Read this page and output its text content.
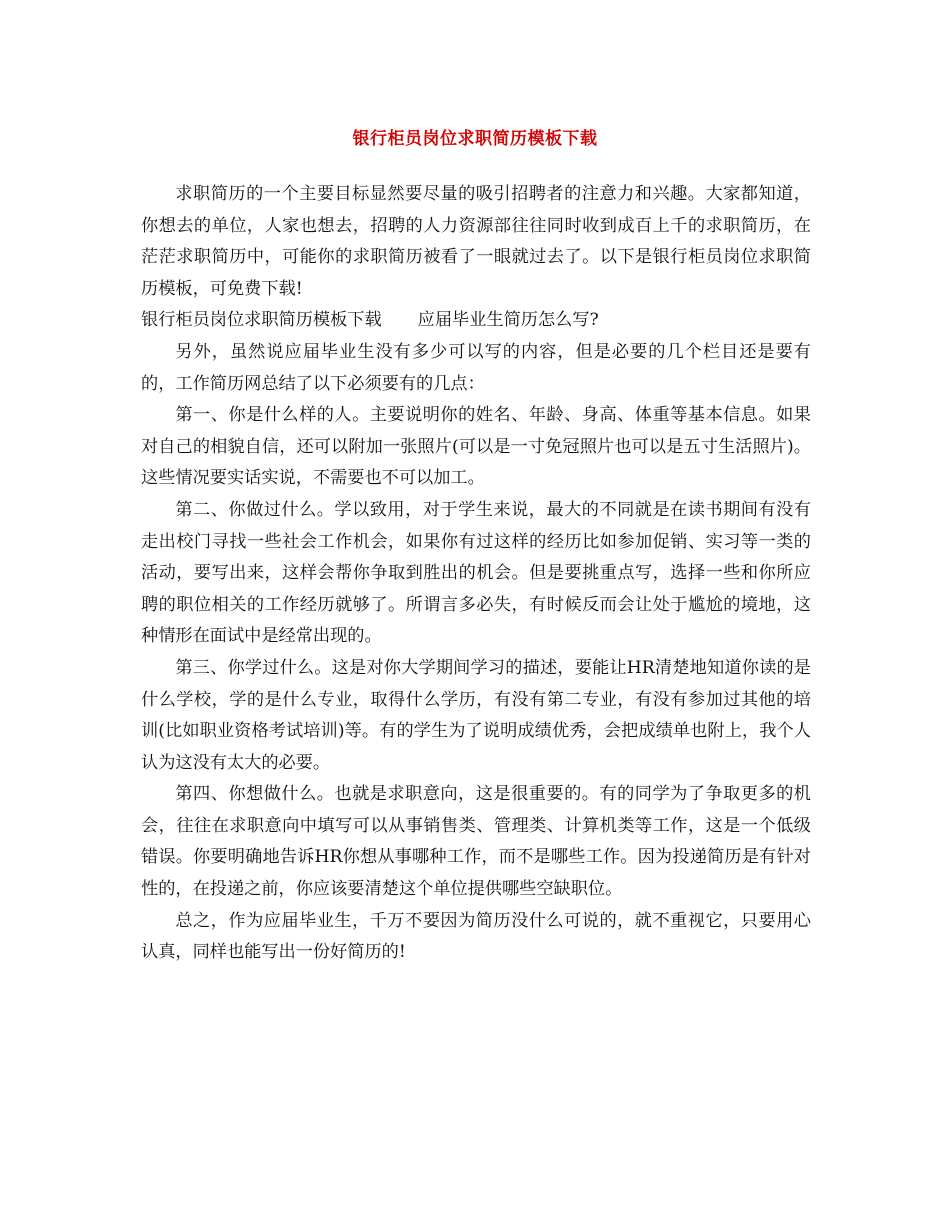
银行柜员岗位求职简历模板下载

求职简历的一个主要目标显然要尽量的吸引招聘者的注意力和兴趣。大家都知道，你想去的单位，人家也想去，招聘的人力资源部往往同时收到成百上千的求职简历，在茫茫求职简历中，可能你的求职简历被看了一眼就过去了。以下是银行柜员岗位求职简历模板，可免费下载!

银行柜员岗位求职简历模板下载 应届毕业生简历怎么写?

另外，虽然说应届毕业生没有多少可以写的内容，但是必要的几个栏目还是要有的，工作简历网总结了以下必须要有的几点：

第一、你是什么样的人。主要说明你的姓名、年龄、身高、体重等基本信息。如果对自己的相貌自信，还可以附加一张照片(可以是一寸免冠照片也可以是五寸生活照片)。这些情况要实话实说，不需要也不可以加工。

第二、你做过什么。学以致用，对于学生来说，最大的不同就是在读书期间有没有走出校门寻找一些社会工作机会，如果你有过这样的经历比如参加促销、实习等一类的活动，要写出来，这样会帮你争取到胜出的机会。但是要挑重点写，选择一些和你所应聘的职位相关的工作经历就够了。所谓言多必失，有时候反而会让处于尴尬的境地，这种情形在面试中是经常出现的。

第三、你学过什么。这是对你大学期间学习的描述，要能让HR清楚地知道你读的是什么学校，学的是什么专业，取得什么学历，有没有第二专业，有没有参加过其他的培训(比如职业资格考试培训)等。有的学生为了说明成绩优秀，会把成绩单也附上，我个人认为这没有太大的必要。

第四、你想做什么。也就是求职意向，这是很重要的。有的同学为了争取更多的机会，往往在求职意向中填写可以从事销售类、管理类、计算机类等工作，这是一个低级错误。你要明确地告诉HR你想从事哪种工作，而不是哪些工作。因为投递简历是有针对性的，在投递之前，你应该要清楚这个单位提供哪些空缺职位。

总之，作为应届毕业生，千万不要因为简历没什么可说的，就不重视它，只要用心认真，同样也能写出一份好简历的!
